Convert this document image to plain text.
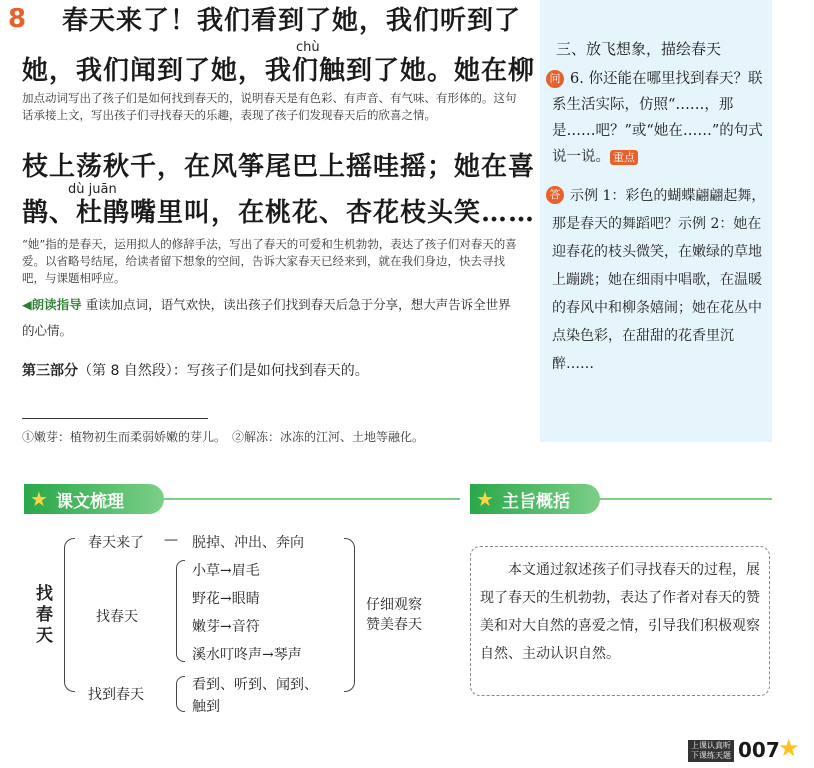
8
chù
dù juān
春天来了！我们看到了她，我们听到了
她，我们闻到了她，我们触到了她。她在柳
枝上荡秋千，在风筝尾巴上摇哇摇；她在喜
鹊、杜鹃嘴里叫，在桃花、杏花枝头笑……
加点动词写出了孩子们是如何找到春天的，说明春天是有色彩、有声音、有气味、有形体的。这句话承接上文，写出孩子们寻找春天的乐趣，表现了孩子们发现春天后的欣喜之情。
“她”指的是春天，运用拟人的修辞手法，写出了春天的可爱和生机勃勃，表达了孩子们对春天的喜爱。以省略号结尾，给读者留下想象的空间，告诉大家春天已经来到，就在我们身边，快去寻找吧，与课题相呼应。
◀朗读指导 重读加点词，语气欢快，读出孩子们找到春天后急于分享，想大声告诉全世界的心情。
第三部分（第 8 自然段）：写孩子们是如何找到春天的。
①嫩芽：植物初生而柔弱娇嫩的芽儿。　②解冻：冰冻的江河、土地等融化。
三、放飞想象，描绘春天
6. 你还能在哪里找到春天？联系生活实际，仿照“……，那是……吧？”或“她在……”的句式说一说。 重点
问
示例 1：彩色的蝴蝶翩翩起舞，那是春天的舞蹈吧？示例 2：她在迎春花的枝头微笑，在嫩绿的草地上蹦跳；她在细雨中唱歌，在温暖的春风中和柳条嬉闹；她在花丛中点染色彩，在甜甜的花香里沉醉……
答
★ 课文梳理	★ 主旨概括
找春天
春天来了 — 脱掉、冲出、奔向
找春天
小草→眉毛
野花→眼睛
嫩芽→音符
溪水叮咚声→琴声
找到春天
看到、听到、闻到、
触到
仔细观察
赞美春天
本文通过叙述孩子们寻找春天的过程，展现了春天的生机勃勃，表达了作者对春天的赞美和对大自然的喜爱之情，引导我们积极观察自然、主动认识自然。
上课认真听
下课练天题 007
★
